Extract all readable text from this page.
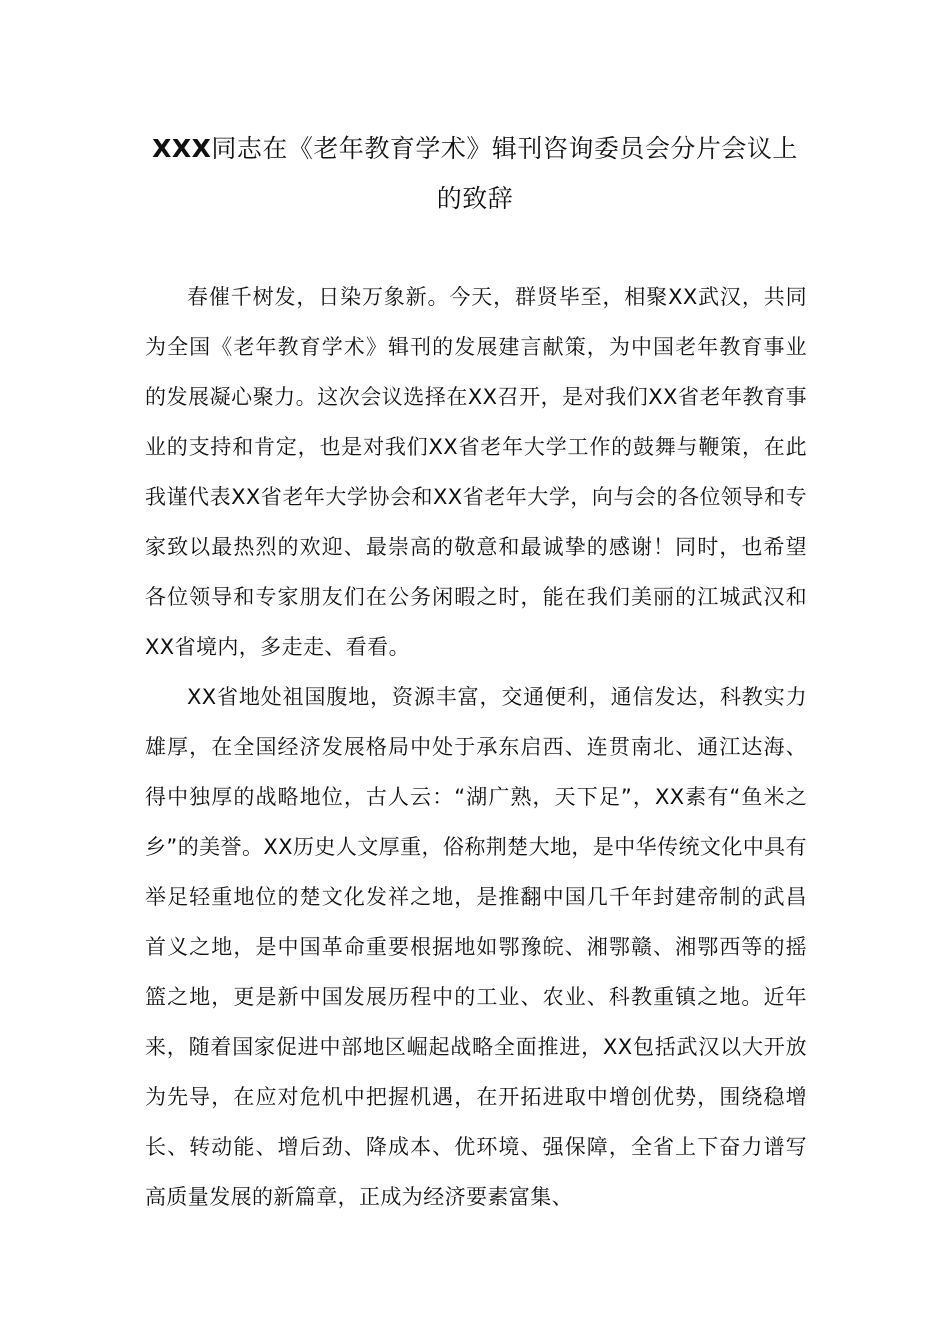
XXX同志在《老年教育学术》辑刊咨询委员会分片会议上的致辞

春催千树发，日染万象新。今天，群贤毕至，相聚XX武汉，共同为全国《老年教育学术》辑刊的发展建言献策，为中国老年教育事业的发展凝心聚力。这次会议选择在XX召开，是对我们XX省老年教育事业的支持和肯定，也是对我们XX省老年大学工作的鼓舞与鞭策，在此我谨代表XX省老年大学协会和XX省老年大学，向与会的各位领导和专家致以最热烈的欢迎、最崇高的敬意和最诚挚的感谢！同时，也希望各位领导和专家朋友们在公务闲暇之时，能在我们美丽的江城武汉和XX省境内，多走走、看看。

XX省地处祖国腹地，资源丰富，交通便利，通信发达，科教实力雄厚，在全国经济发展格局中处于承东启西、连贯南北、通江达海、得中独厚的战略地位，古人云：“湖广熟，天下足”，XX素有“鱼米之乡”的美誉。XX历史人文厚重，俗称荆楚大地，是中华传统文化中具有举足轻重地位的楚文化发祥之地，是推翻中国几千年封建帝制的武昌首义之地，是中国革命重要根据地如鄂豫皖、湘鄂赣、湘鄂西等的摇篮之地，更是新中国发展历程中的工业、农业、科教重镇之地。近年来，随着国家促进中部地区崛起战略全面推进，XX包括武汉以大开放为先导，在应对危机中把握机遇，在开拓进取中增创优势，围绕稳增长、转动能、增后劲、降成本、优环境、强保障，全省上下奋力谱写高质量发展的新篇章，正成为经济要素富集、
